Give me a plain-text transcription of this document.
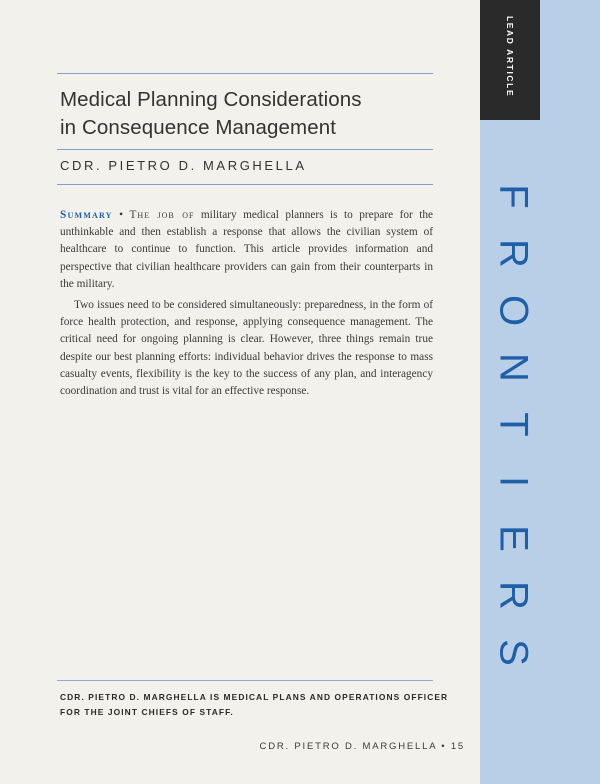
LEAD ARTICLE
F
R
O
N
T
I
E
R
S
Medical Planning Considerations
in Consequence Management
CDR. PIETRO D. MARGHELLA

Summary • The job of military medical planners is to prepare for the unthinkable and then establish a response that allows the civilian system of healthcare to continue to function. This article provides information and perspective that civilian healthcare providers can gain from their counterparts in the military.

Two issues need to be considered simultaneously: preparedness, in the form of force health protection, and response, applying consequence management. The critical need for ongoing planning is clear. However, three things remain true despite our best planning efforts: individual behavior drives the response to mass casualty events, flexibility is the key to the success of any plan, and interagency coordination and trust is vital for an effective response.

CDR. PIETRO D. MARGHELLA IS MEDICAL PLANS AND OPERATIONS OFFICER
FOR THE JOINT CHIEFS OF STAFF.
CDR. PIETRO D. MARGHELLA • 15
